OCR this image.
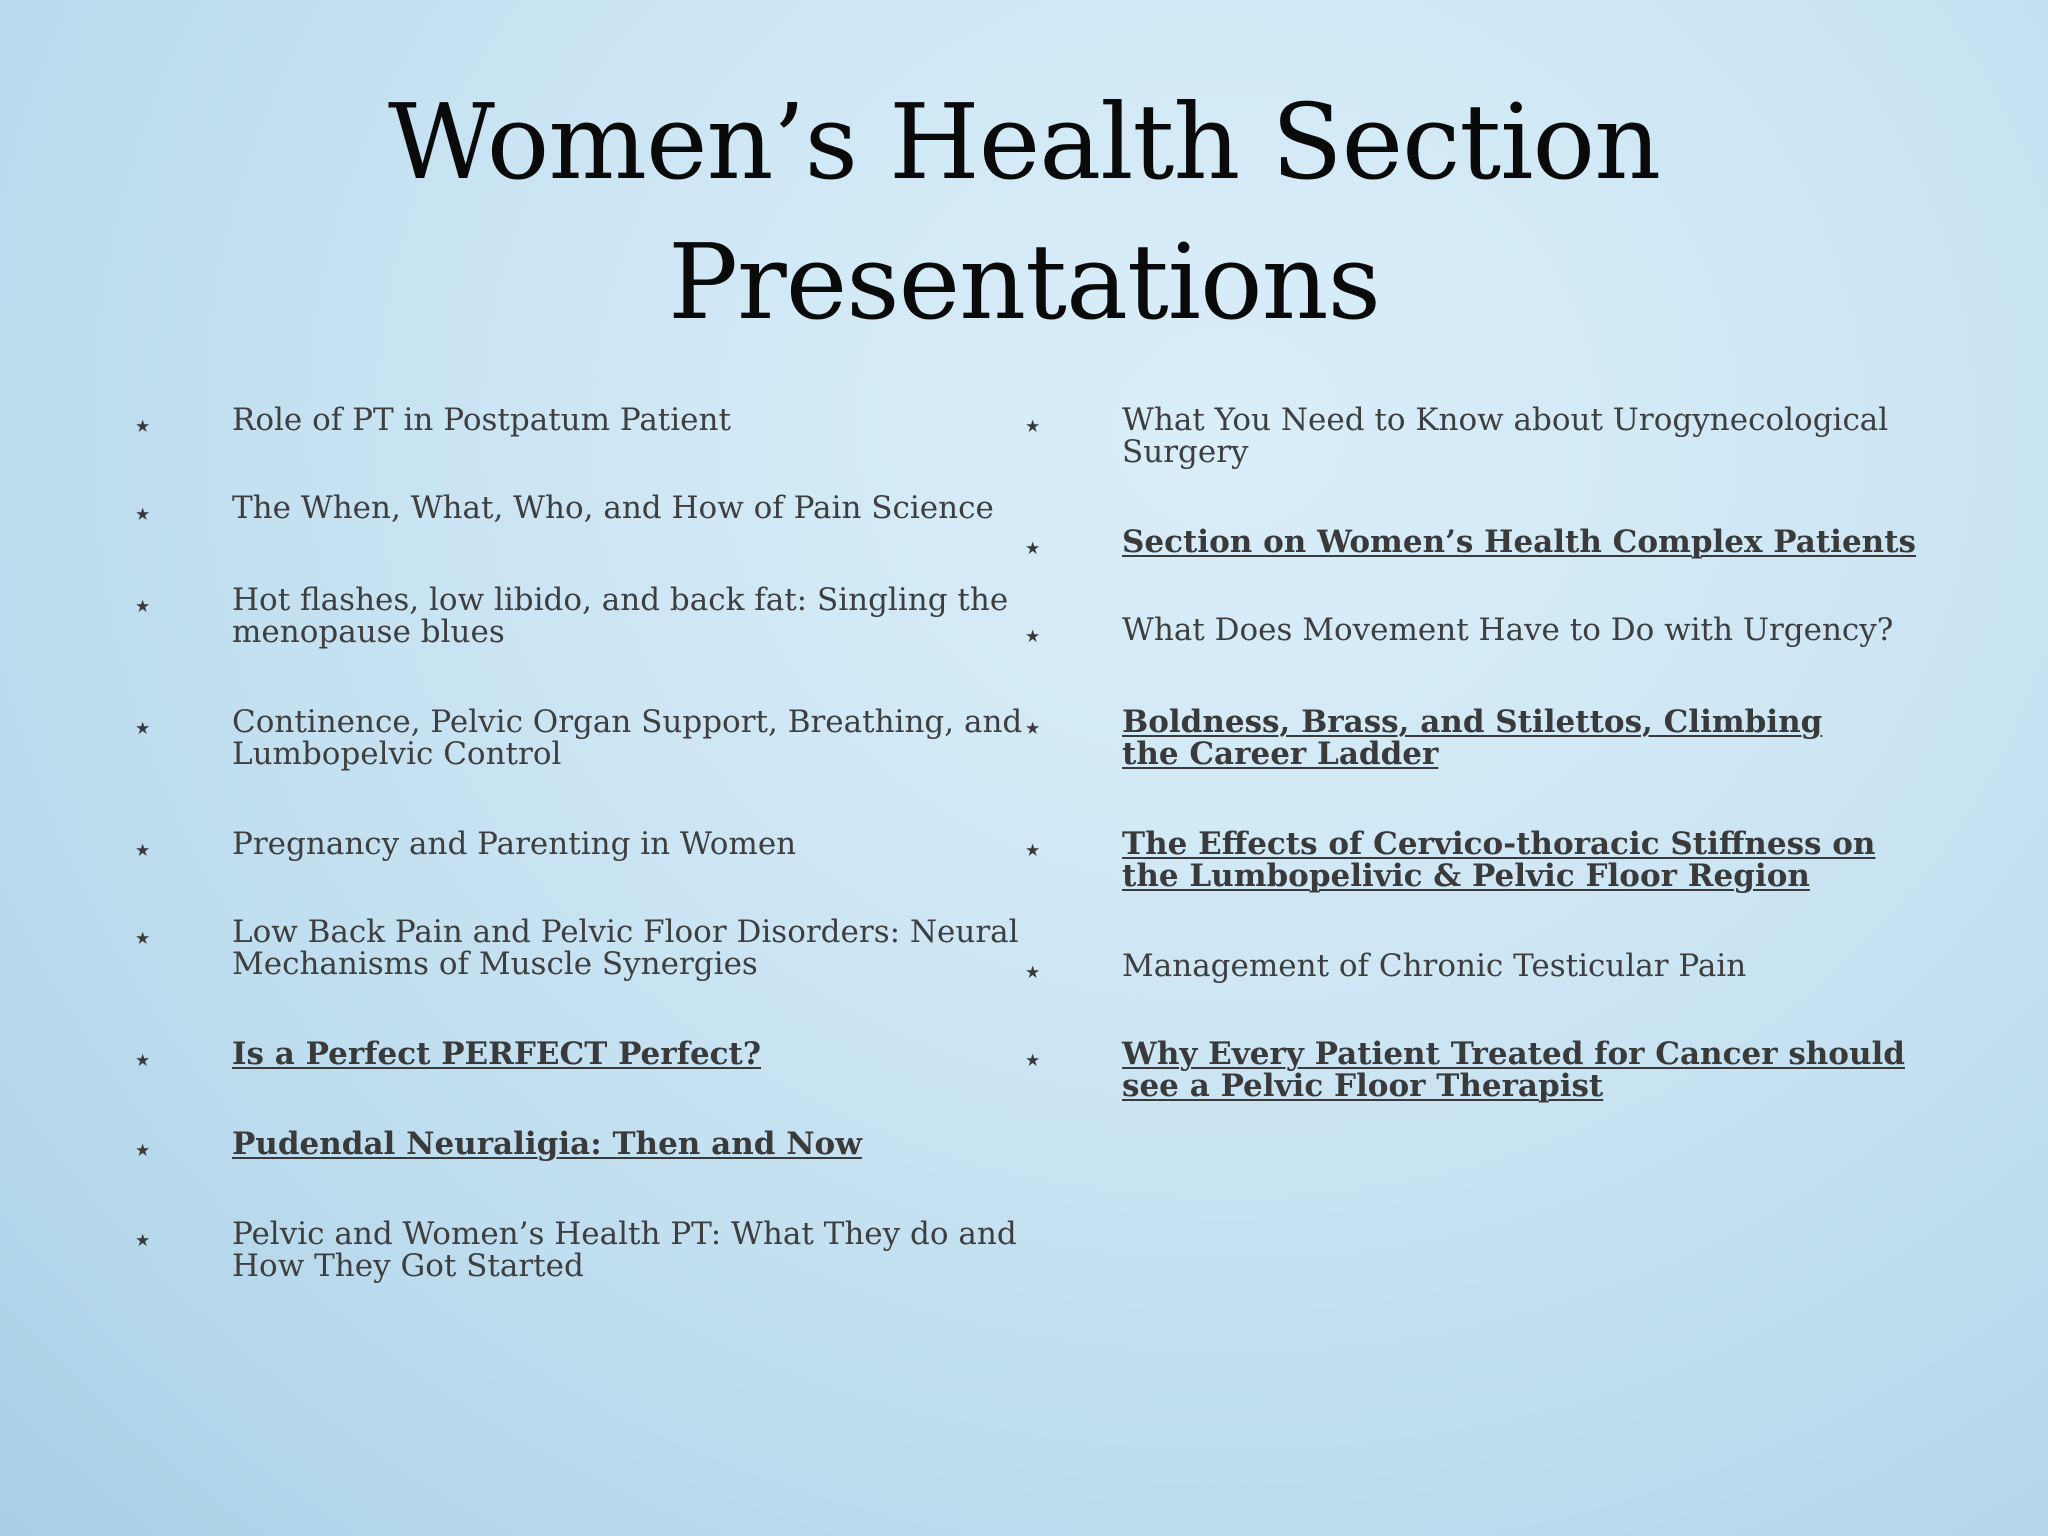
Women’s Health Section
Presentations
⋆	Role of PT in Postpatum Patient
⋆	The When, What, Who, and How of Pain Science
⋆	Hot flashes, low libido, and back fat: Singling the menopause blues
⋆	Continence, Pelvic Organ Support, Breathing, and Lumbopelvic Control
⋆	Pregnancy and Parenting in Women
⋆	Low Back Pain and Pelvic Floor Disorders: Neural Mechanisms of Muscle Synergies
⋆	Is a Perfect PERFECT Perfect?
⋆	Pudendal Neuraligia: Then and Now
⋆	Pelvic and Women’s Health PT: What They do and How They Got Started
⋆	What You Need to Know about Urogynecological Surgery
⋆	Section on Women’s Health Complex Patients
⋆	What Does Movement Have to Do with Urgency?
⋆	Boldness, Brass, and Stilettos, Climbing the Career Ladder
⋆	The Effects of Cervico-thoracic Stiffness on the Lumbopelivic & Pelvic Floor Region
⋆	Management of Chronic Testicular Pain
⋆	Why Every Patient Treated for Cancer should see a Pelvic Floor Therapist
